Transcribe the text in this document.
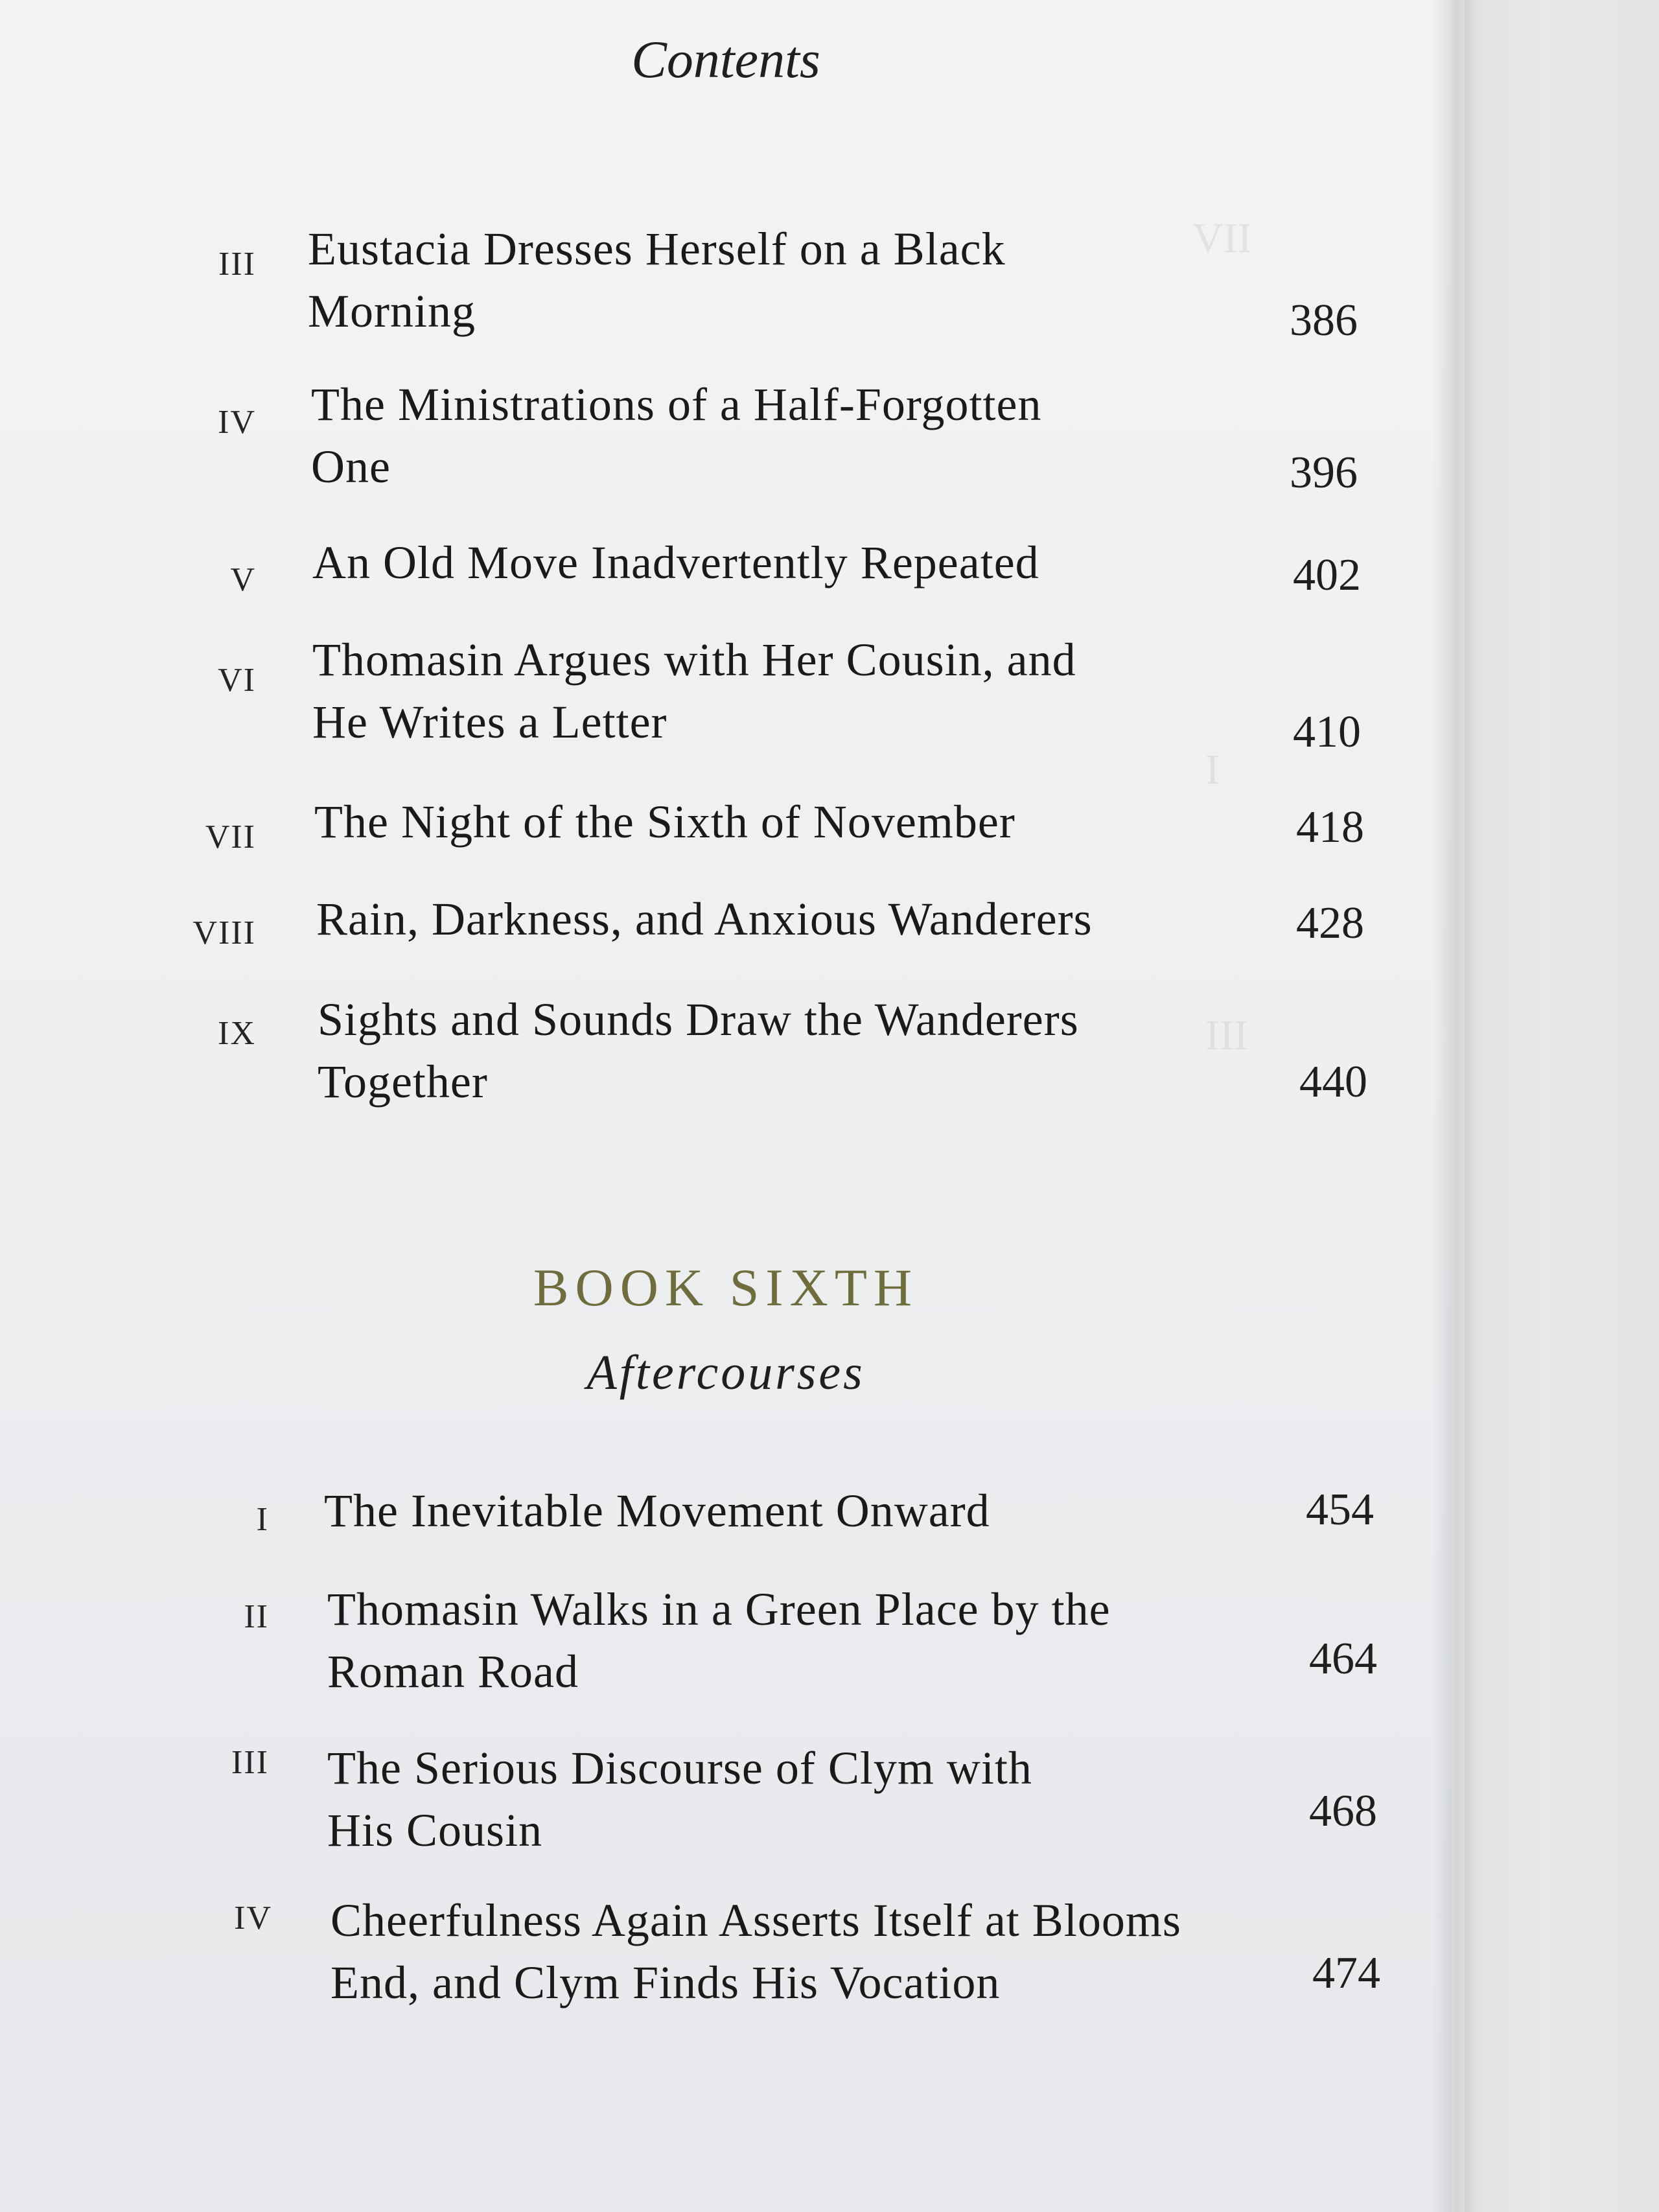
VII
I
III
Contents
III Eustacia Dresses Herself on a Black
Morning	386
IV The Ministrations of a Half-Forgotten
One	396
V An Old Move Inadvertently Repeated	402
VI Thomasin Argues with Her Cousin, and
He Writes a Letter	410
VII The Night of the Sixth of November	418
VIII Rain, Darkness, and Anxious Wanderers	428
IX Sights and Sounds Draw the Wanderers
Together	440
BOOK SIXTH
Aftercourses
I The Inevitable Movement Onward	454
II Thomasin Walks in a Green Place by the
Roman Road	464
III The Serious Discourse of Clym with
His Cousin	468
IV Cheerfulness Again Asserts Itself at Blooms
End, and Clym Finds His Vocation	474
